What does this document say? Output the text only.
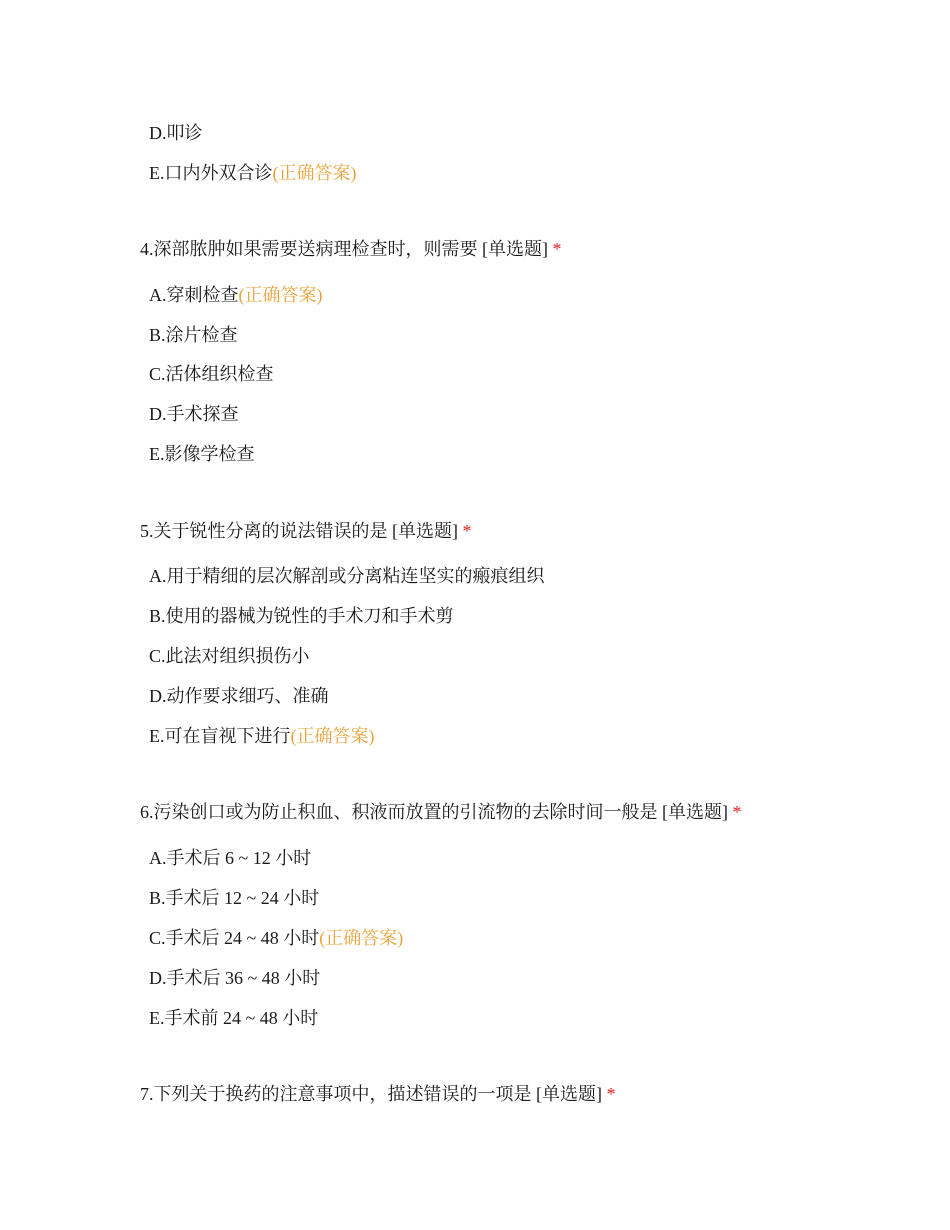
D.叩诊
E.口内外双合诊(正确答案)
4.深部脓肿如果需要送病理检查时，则需要 [单选题] *
A.穿刺检查(正确答案)
B.涂片检查
C.活体组织检查
D.手术探查
E.影像学检查
5.关于锐性分离的说法错误的是 [单选题] *
A.用于精细的层次解剖或分离粘连坚实的瘢痕组织
B.使用的器械为锐性的手术刀和手术剪
C.此法对组织损伤小
D.动作要求细巧、准确
E.可在盲视下进行(正确答案)
6.污染创口或为防止积血、积液而放置的引流物的去除时间一般是 [单选题] *
A.手术后 6 ~ 12 小时
B.手术后 12 ~ 24 小时
C.手术后 24 ~ 48 小时(正确答案)
D.手术后 36 ~ 48 小时
E.手术前 24 ~ 48 小时
7.下列关于换药的注意事项中，描述错误的一项是 [单选题] *
